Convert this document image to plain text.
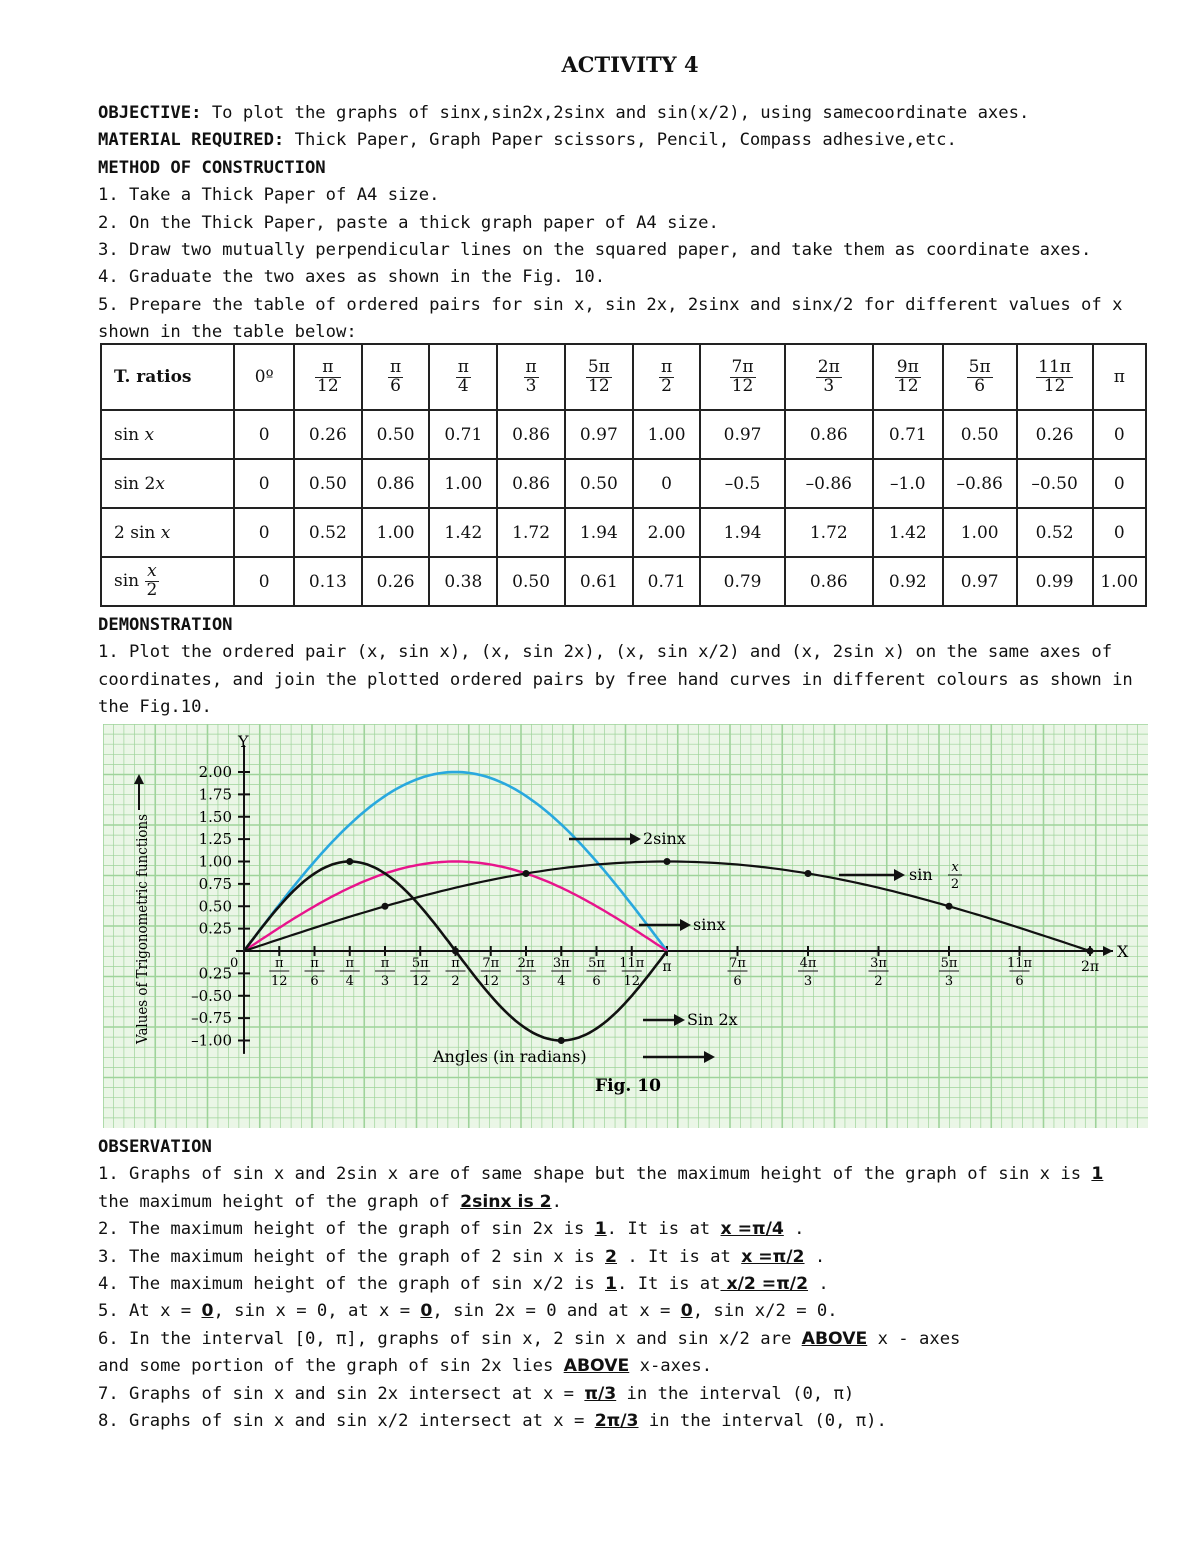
ACTIVITY 4
OBJECTIVE: To plot the graphs of sinx,sin2x,2sinx and sin(x/2), using samecoordinate axes.
MATERIAL REQUIRED: Thick Paper, Graph Paper scissors, Pencil, Compass adhesive,etc.
METHOD OF CONSTRUCTION
1. Take a Thick Paper of A4 size.
2. On the Thick Paper, paste a thick graph paper of A4 size.
3. Draw two mutually perpendicular lines on the squared paper, and take them as coordinate axes.
4. Graduate the two axes as shown in the Fig. 10.
5. Prepare the table of ordered pairs for sin x, sin 2x, 2sinx and sinx/2 for different values of x
shown in the table below:
T. ratios	0º	$\frac{\pi}{12}$	$\frac{\pi}{6}$	$\frac{\pi}{4}$	$\frac{\pi}{3}$	$\frac{5\pi}{12}$	$\frac{\pi}{2}$	$\frac{7\pi}{12}$	$\frac{2\pi}{3}$	$\frac{9\pi}{12}$	$\frac{5\pi}{6}$	$\frac{11\pi}{12}$	π
sin x	0	0.26	0.50	0.71	0.86	0.97	1.00	0.97	0.86	0.71	0.50	0.26	0
sin 2x	0	0.50	0.86	1.00	0.86	0.50	0	–0.5	–0.86	–1.0	–0.86	–0.50	0
2 sin x	0	0.52	1.00	1.42	1.72	1.94	2.00	1.94	1.72	1.42	1.00	0.52	0
$\sin \frac{x}{2}$	0	0.13	0.26	0.38	0.50	0.61	0.71	0.79	0.86	0.92	0.97	0.99	1.00
DEMONSTRATION
1. Plot the ordered pair (x, sin x), (x, sin 2x), (x, sin x/2) and (x, 2sin x) on the same axes of
coordinates, and join the plotted ordered pairs by free hand curves in different colours as shown in
the Fig.10.
Y
X
0
2.00
1.75
1.50
1.25
1.00
0.75
0.50
0.25
0.25
–0.50
–0.75
–1.00
π
12
π
6
π
4
π
3
5π
12
π
2
7π
12
2π
3
3π
4
5π
6
11π
12
π	7π
6
4π
3
3π
2
5π
3
11π
6
2π
2sinx
sinx
Sin 2x
sin x
2
Values of Trigonometric functions
Angles (in radians)
Fig. 10
OBSERVATION
1. Graphs of sin x and 2sin x are of same shape but the maximum height of the graph of sin x is 1
the maximum height of the graph of 2sinx is 2.
2. The maximum height of the graph of sin 2x is 1. It is at x =π/4 .
3. The maximum height of the graph of 2 sin x is 2 . It is at x =π/2 .
4. The maximum height of the graph of sin x/2 is 1. It is at x/2 =π/2 .
5. At x = 0, sin x = 0, at x = 0, sin 2x = 0 and at x = 0, sin x/2 = 0.
6. In the interval [0, π], graphs of sin x, 2 sin x and sin x/2 are ABOVE x - axes
and some portion of the graph of sin 2x lies ABOVE x-axes.
7. Graphs of sin x and sin 2x intersect at x = π/3 in the interval (0, π)
8. Graphs of sin x and sin x/2 intersect at x = 2π/3 in the interval (0, π).
